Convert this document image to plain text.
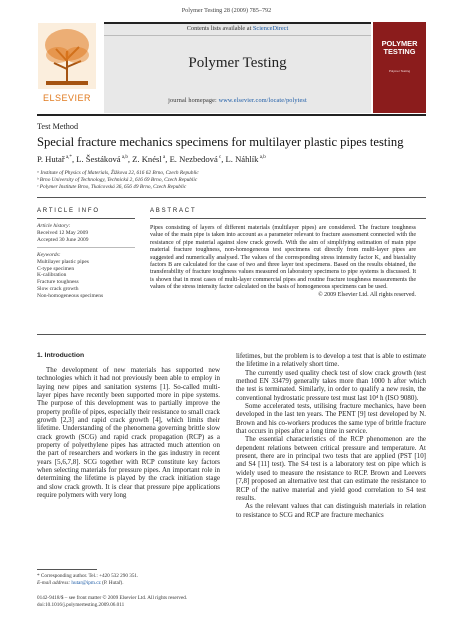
Polymer Testing 28 (2009) 785–792
ELSEVIER
Contents lists available at ScienceDirect
Polymer Testing
journal homepage: www.elsevier.com/locate/polytest
POLYMER
TESTING
Polymer Testing
Test Method
Special fracture mechanics specimens for multilayer plastic pipes testing
P. Hutař $^{a,*}$, L. Šestáková $^{a,b}$, Z. Knésl $^a$, E. Nezbedová $^c$, L. Náhlík $^{a,b}$
ᵃ Institute of Physics of Materials, Žižkova 22, 616 62 Brno, Czech Republic
ᵇ Brno University of Technology, Technická 2, 616 69 Brno, Czech Republic
ᶜ Polymer Institute Brno, Tkalcovská 36, 656 49 Brno, Czech Republic
ARTICLE INFO
Article history:
Received 12 May 2009
Accepted 30 June 2009
Keywords:
Multilayer plastic pipes
C-type specimen
K-calibration
Fracture toughness
Slow crack growth
Non-homogeneous specimens
ABSTRACT
Pipes consisting of layers of different materials (multilayer pipes) are considered. The fracture toughness value of the main pipe is taken into account as a parameter relevant to fracture assessment connected with the resistance of pipe material against slow crack growth. With the aim of simplifying estimation of main pipe material fracture toughness, non-homogeneous test specimens cut directly from multi-layer pipes are suggested and numerically analysed. The values of the corresponding stress intensity factor K₁ and biaxiality factors B are calculated for the case of two and three layer test specimens. Based on the results obtained, the transferability of fracture toughness values measured on laboratory specimens to pipe systems is discussed. It is shown that in most cases of multi-layer commercial pipes and routine fracture toughness measurements the values of the stress intensity factor calculated on the basis of homogeneous specimens can be used.
© 2009 Elsevier Ltd. All rights reserved.
1. Introduction

The development of new materials has supported new technologies which it had not previously been able to employ in laying new pipes and sanitation systems [1]. So-called multi-layer pipes have recently been supported more in pipe systems. The purpose of this development was to partially improve the property profile of pipes, especially their resistance to small crack growth [2,3] and rapid crack growth [4], which limits their lifetime. Understanding of the phenomena governing brittle slow crack growth (SCG) and rapid crack propagation (RCP) as a property of polyethylene pipes has attracted much attention on the part of researchers and workers in the gas industry in recent years [5,6,7,8]. SCG together with RCP constitute key factors when selecting materials for pressure pipes. An important role in determining the lifetime is played by the crack initiation stage and slow crack growth. It is clear that pressure pipe applications require polymers with very long

lifetimes, but the problem is to develop a test that is able to estimate the lifetime in a relatively short time.

The currently used quality check test of slow crack growth (test method EN 33479) generally takes more than 1000 h after which the test is terminated. Similarly, in order to qualify a new resin, the conventional hydrostatic pressure test must last 10⁴ h (ISO 9080).

Some accelerated tests, utilising fracture mechanics, have been developed in the last ten years. The PENT [9] test developed by N. Brown and his co-workers produces the same type of brittle fracture that occurs in pipes after a long time in service.

The essential characteristics of the RCP phenomenon are the dependent relations between critical pressure and temperature. At present, there are in principal two tests that are applied (PST [10] and S4 [11] test). The S4 test is a laboratory test on pipe which is widely used to measure the resistance to RCP. Brown and Leevers [7,8] proposed an alternative test that can estimate the resistance to RCP of the native material and yield good correlation to S4 test results.

As the relevant values that can distinguish materials in relation to resistance to SCG and RCP are fracture mechanics

* Corresponding author. Tel.: +420 532 290 351.
E-mail address: hutar@ipm.cz (P. Hutař).
0142-9418/$ – see front matter © 2009 Elsevier Ltd. All rights reserved.
doi:10.1016/j.polymertesting.2009.06.011
